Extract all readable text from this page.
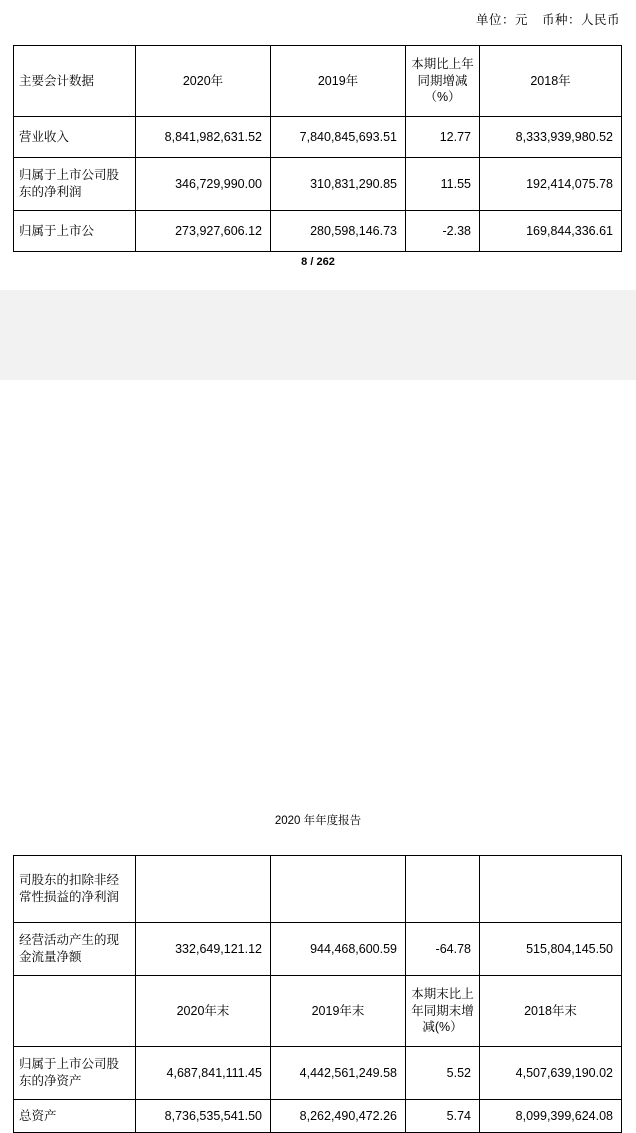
单位：元 币种：人民币
主要会计数据	2020年	2019年	本期比上年同期增减（%）	2018年
营业收入	8,841,982,631.52	7,840,845,693.51	12.77	8,333,939,980.52
归属于上市公司股东的净利润	346,729,990.00	310,831,290.85	11.55	192,414,075.78
归属于上市公	273,927,606.12	280,598,146.73	-2.38	169,844,336.61
8 / 262
2020 年年度报告
司股东的扣除非经常性损益的净利润				
经营活动产生的现金流量净额	332,649,121.12	944,468,600.59	-64.78	515,804,145.50
	2020年末	2019年末	本期末比上年同期末增减(%）	2018年末
归属于上市公司股东的净资产	4,687,841,111.45	4,442,561,249.58	5.52	4,507,639,190.02
总资产	8,736,535,541.50	8,262,490,472.26	5.74	8,099,399,624.08
